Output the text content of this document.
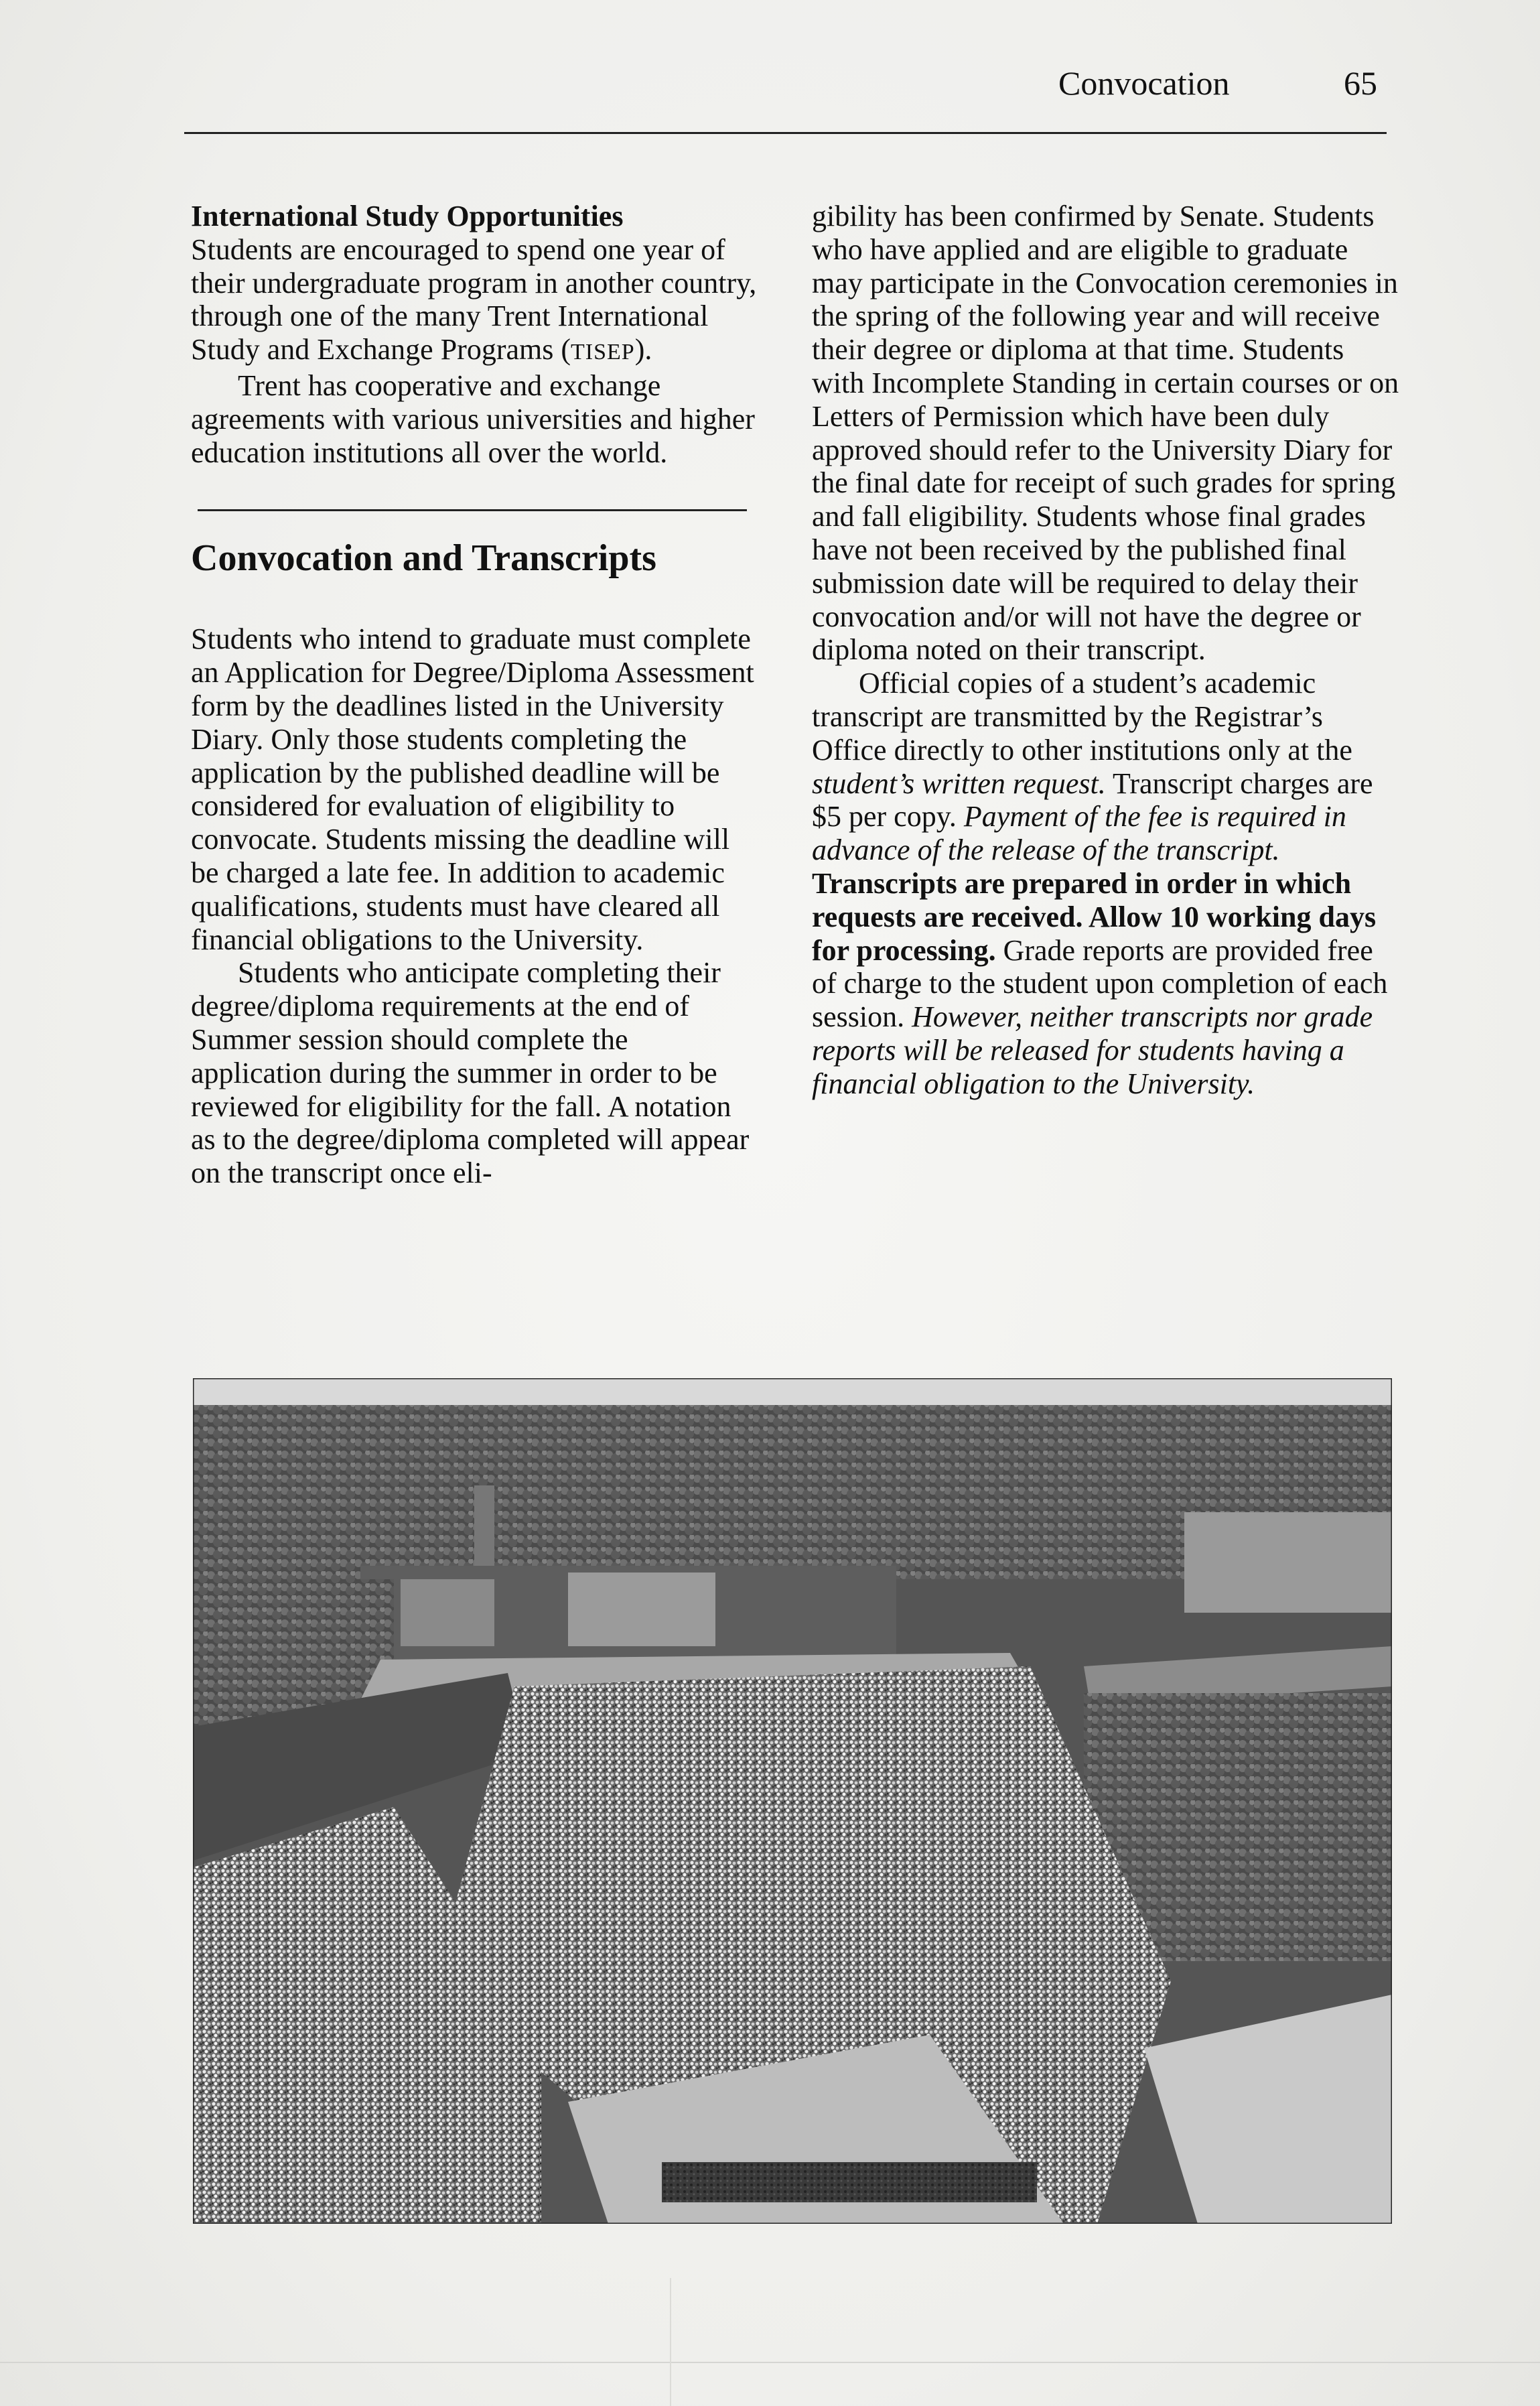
Convocation	65

International Study Opportunities

Students are encouraged to spend one year of their undergraduate program in another country, through one of the many Trent International Study and Exchange Programs (TISEP).

Trent has cooperative and exchange agreements with various universities and higher education institutions all over the world.

Convocation and Transcripts

Students who intend to graduate must complete an Application for Degree/Diploma Assessment form by the deadlines listed in the University Diary. Only those students completing the application by the published deadline will be considered for evaluation of eligibility to convocate. Students missing the deadline will be charged a late fee. In addition to academic qualifications, students must have cleared all financial obligations to the University.

Students who anticipate completing their degree/diploma requirements at the end of Summer session should complete the application during the summer in order to be reviewed for eligibility for the fall. A notation as to the degree/diploma completed will appear on the transcript once eli-

gibility has been confirmed by Senate. Students who have applied and are eligible to graduate may participate in the Convocation ceremonies in the spring of the following year and will receive their degree or diploma at that time. Students with Incomplete Standing in certain courses or on Letters of Permission which have been duly approved should refer to the University Diary for the final date for receipt of such grades for spring and fall eligibility. Students whose final grades have not been received by the published final submission date will be required to delay their convocation and/or will not have the degree or diploma noted on their transcript.

Official copies of a student’s academic transcript are transmitted by the Registrar’s Office directly to other institutions only at the student’s written request. Transcript charges are $5 per copy. Payment of the fee is required in advance of the release of the transcript. Transcripts are prepared in order in which requests are received. Allow 10 working days for processing. Grade reports are provided free of charge to the student upon completion of each session. However, neither transcripts nor grade reports will be released for students having a financial obligation to the University.
